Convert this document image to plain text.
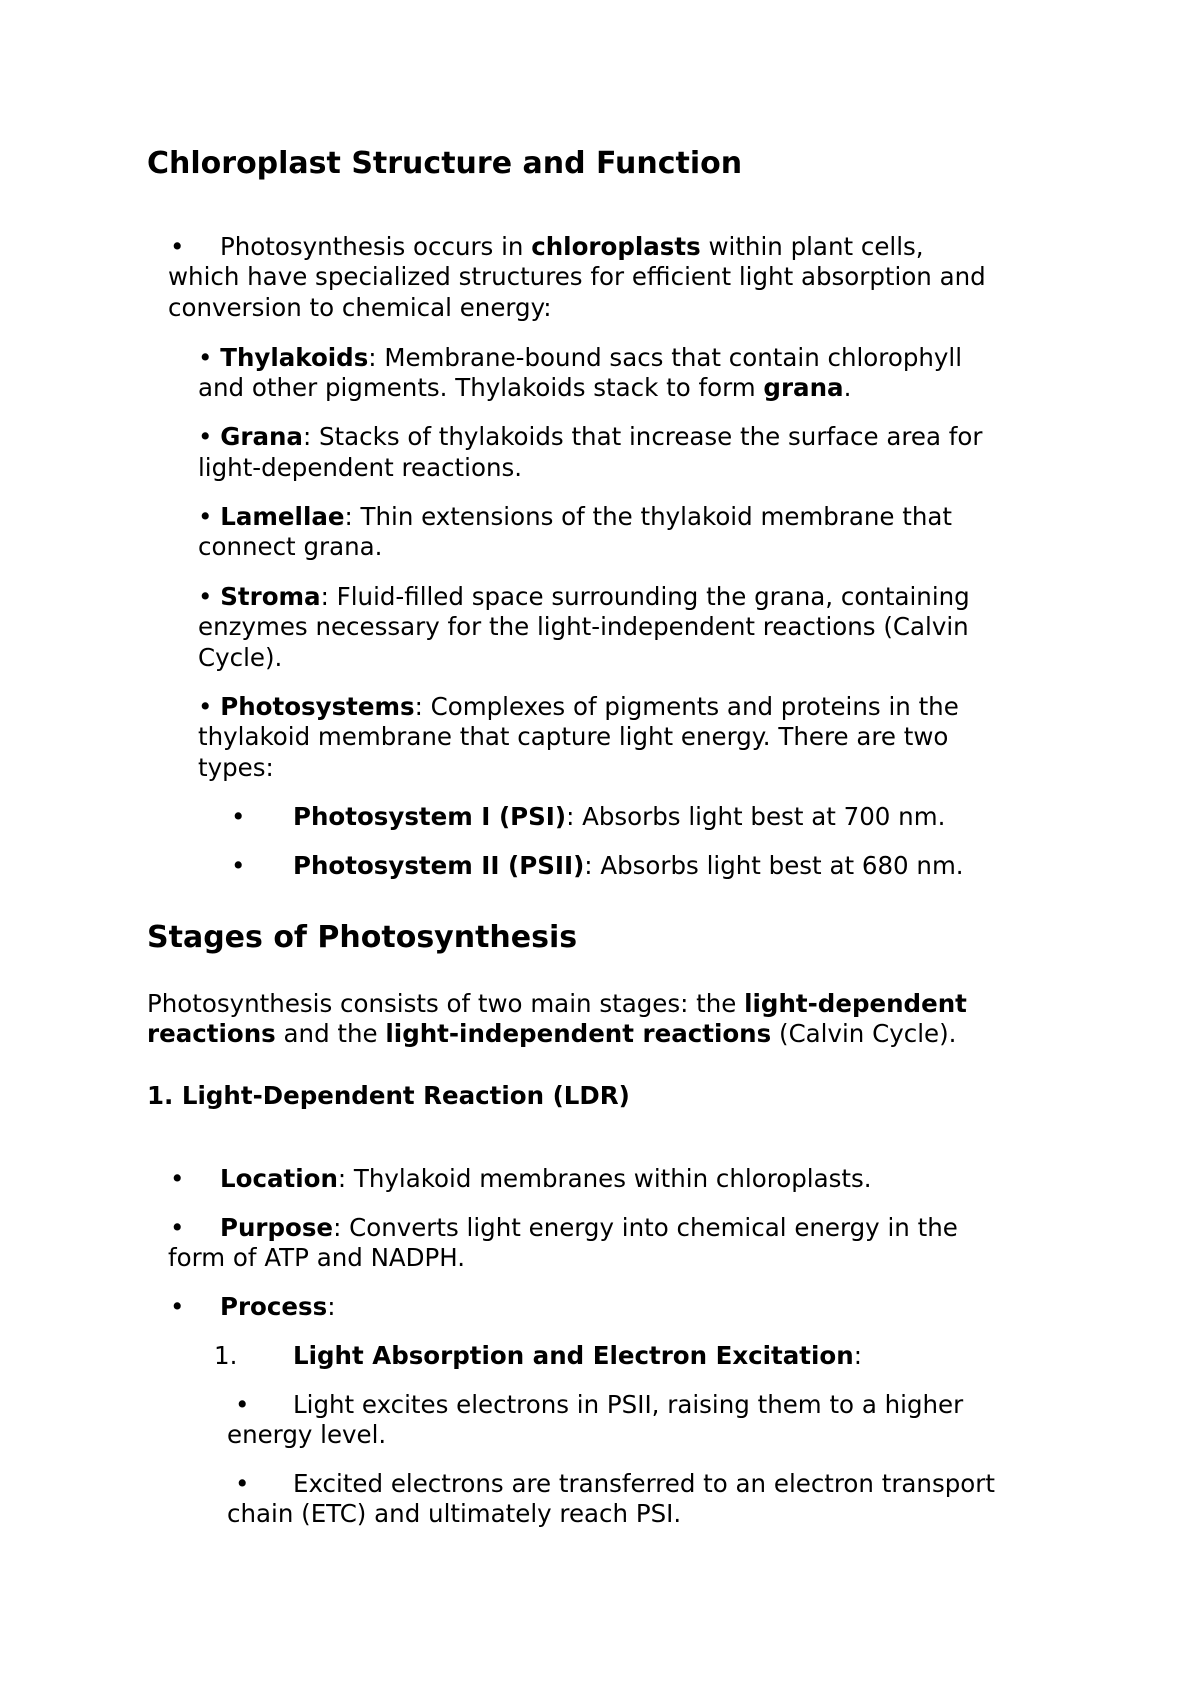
Chloroplast Structure and Function
• Photosynthesis occurs in chloroplasts within plant cells,
which have specialized structures for efficient light absorption and
conversion to chemical energy:
• Thylakoids: Membrane-bound sacs that contain chlorophyll
and other pigments. Thylakoids stack to form grana.
• Grana: Stacks of thylakoids that increase the surface area for
light-dependent reactions.
• Lamellae: Thin extensions of the thylakoid membrane that
connect grana.
• Stroma: Fluid-filled space surrounding the grana, containing
enzymes necessary for the light-independent reactions (Calvin
Cycle).
• Photosystems: Complexes of pigments and proteins in the
thylakoid membrane that capture light energy. There are two
types:
• Photosystem I (PSI): Absorbs light best at 700 nm.
• Photosystem II (PSII): Absorbs light best at 680 nm.
Stages of Photosynthesis
Photosynthesis consists of two main stages: the light-dependent
reactions and the light-independent reactions (Calvin Cycle).
1. Light-Dependent Reaction (LDR)
• Location: Thylakoid membranes within chloroplasts.
• Purpose: Converts light energy into chemical energy in the
form of ATP and NADPH.
• Process:
1. Light Absorption and Electron Excitation:
• Light excites electrons in PSII, raising them to a higher
energy level.
• Excited electrons are transferred to an electron transport
chain (ETC) and ultimately reach PSI.
